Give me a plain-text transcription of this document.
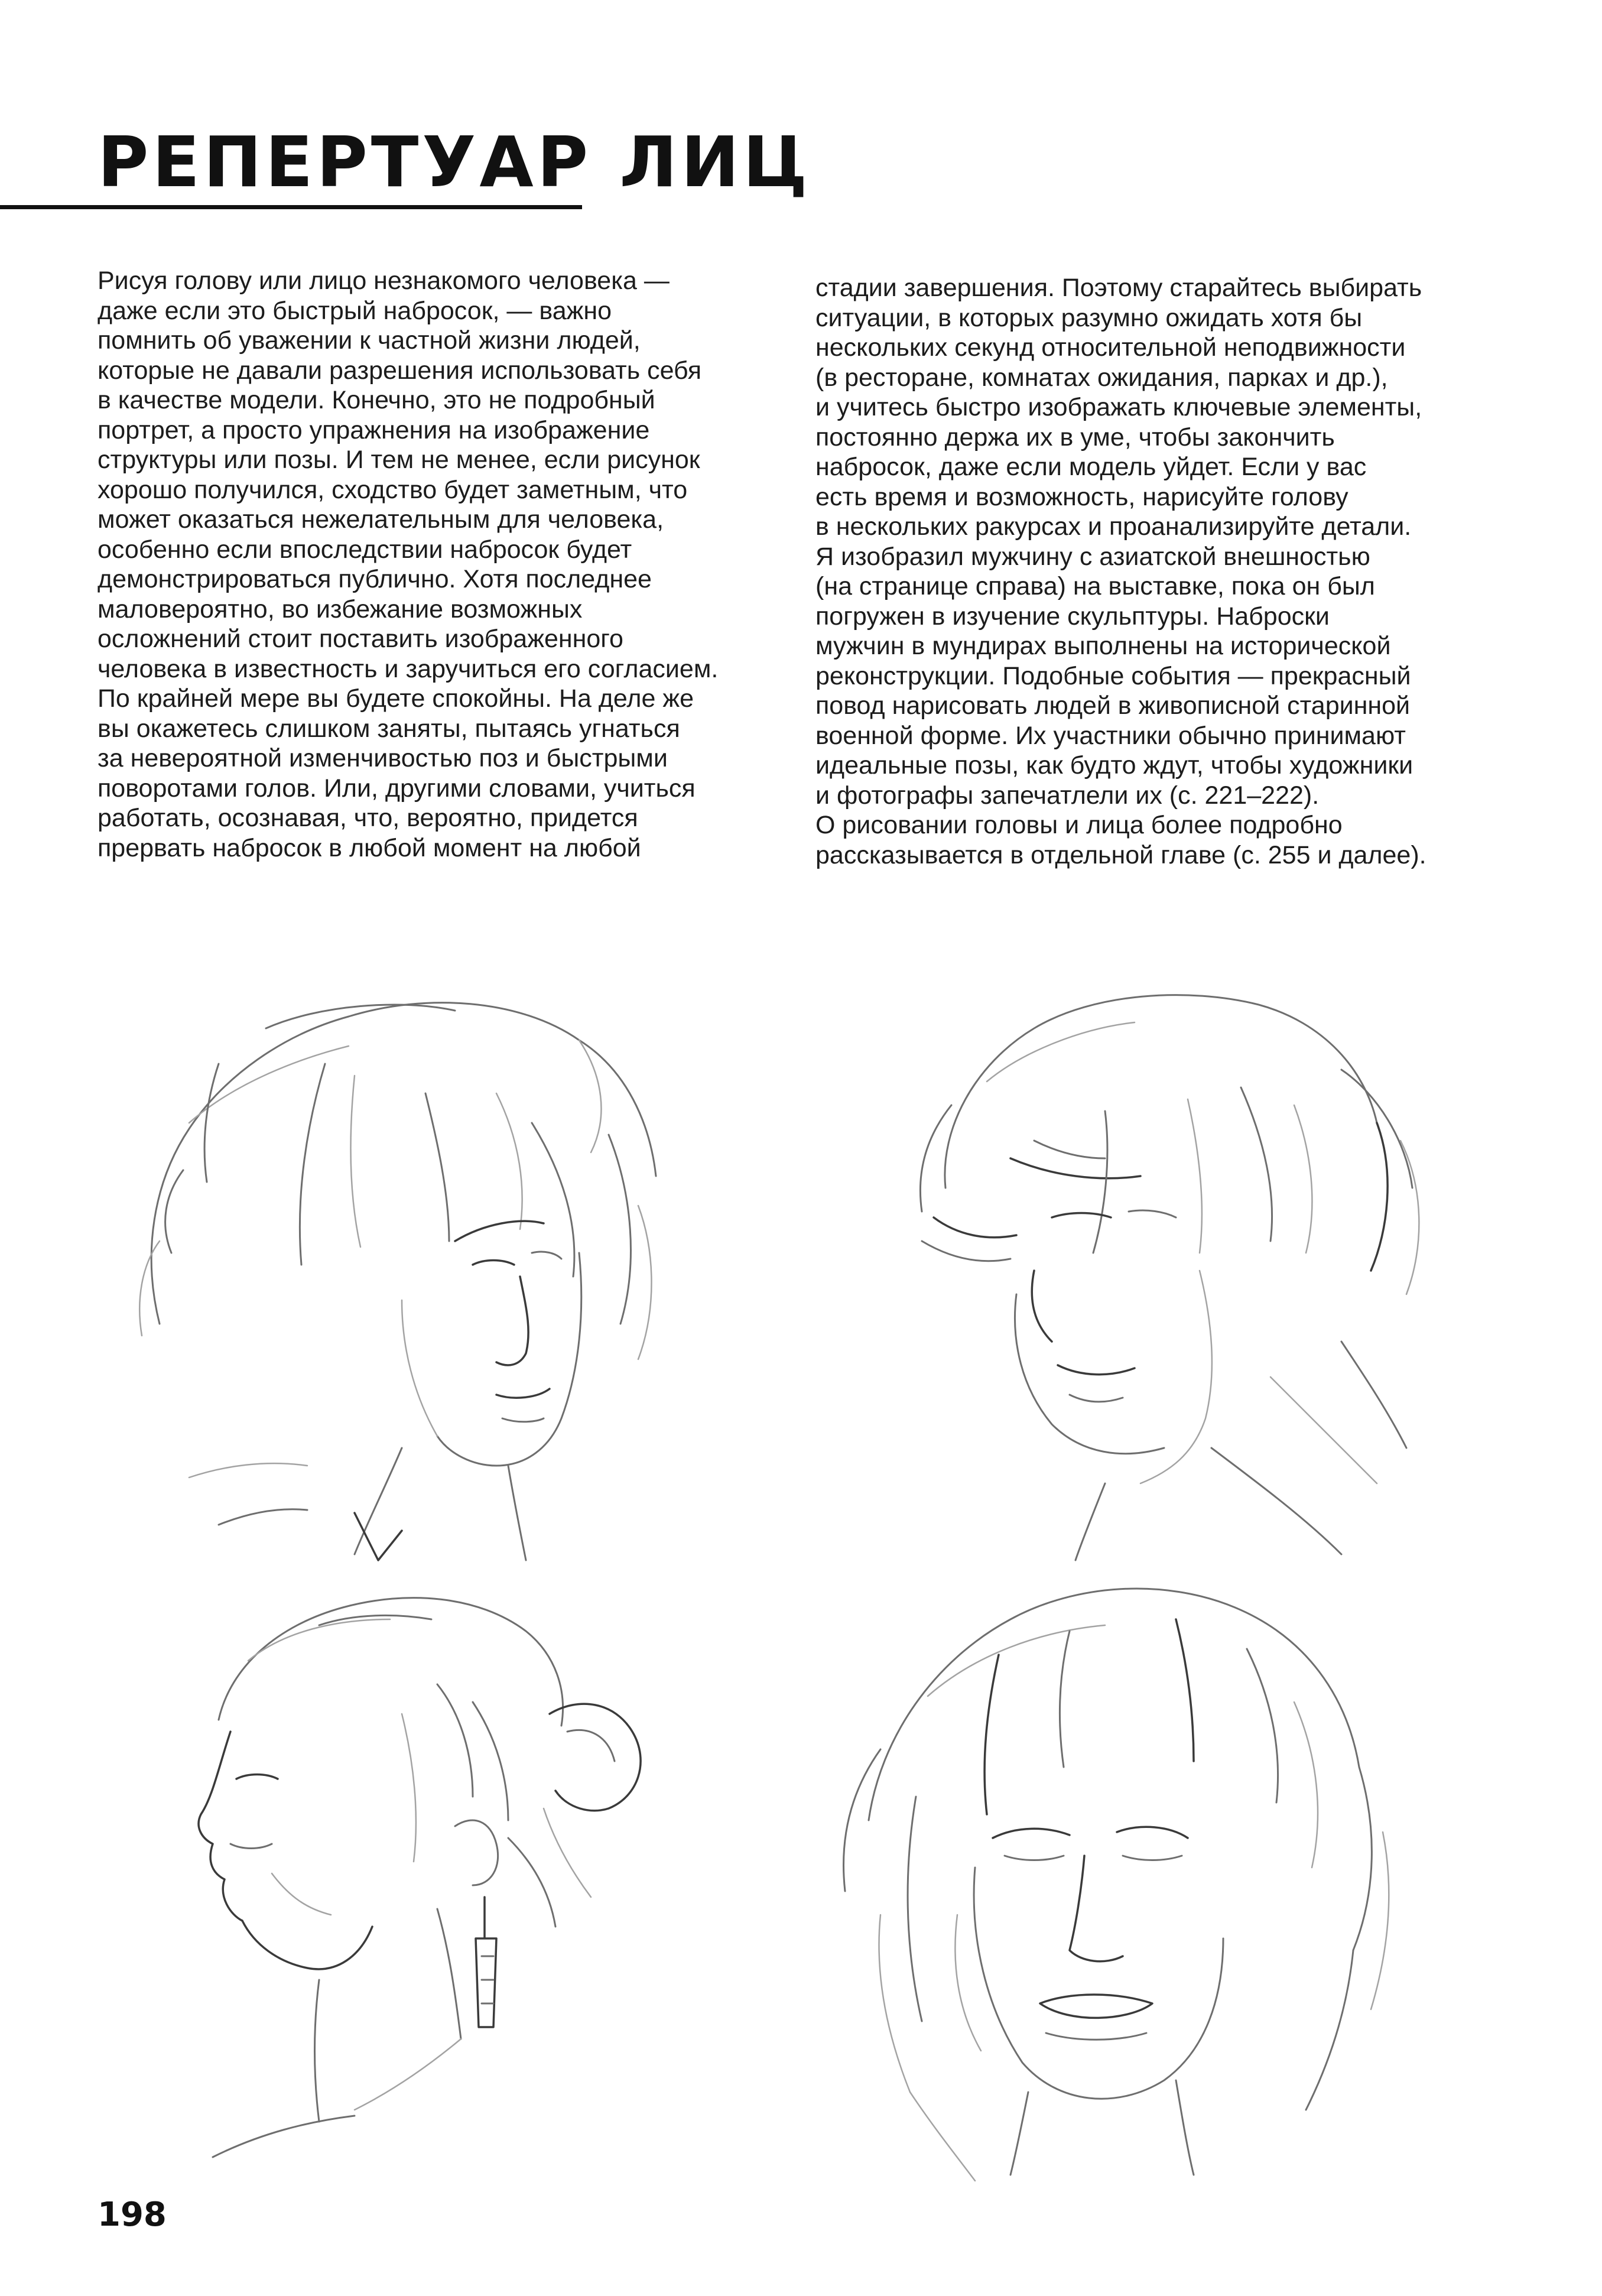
РЕПЕРТУАР ЛИЦ
Рисуя голову или лицо незнакомого человека —
даже если это быстрый набросок, — важно
помнить об уважении к частной жизни людей,
которые не давали разрешения использовать себя
в качестве модели. Конечно, это не подробный
портрет, а просто упражнения на изображение
структуры или позы. И тем не менее, если рисунок
хорошо получился, сходство будет заметным, что
может оказаться нежелательным для человека,
особенно если впоследствии набросок будет
демонстрироваться публично. Хотя последнее
маловероятно, во избежание возможных
осложнений стоит поставить изображенного
человека в известность и заручиться его согласием.
По крайней мере вы будете спокойны. На деле же
вы окажетесь слишком заняты, пытаясь угнаться
за невероятной изменчивостью поз и быстрыми
поворотами голов. Или, другими словами, учиться
работать, осознавая, что, вероятно, придется
прервать набросок в любой момент на любой
стадии завершения. Поэтому старайтесь выбирать
ситуации, в которых разумно ожидать хотя бы
нескольких секунд относительной неподвижности
(в ресторане, комнатах ожидания, парках и др.),
и учитесь быстро изображать ключевые элементы,
постоянно держа их в уме, чтобы закончить
набросок, даже если модель уйдет. Если у вас
есть время и возможность, нарисуйте голову
в нескольких ракурсах и проанализируйте детали.
Я изобразил мужчину с азиатской внешностью
(на странице справа) на выставке, пока он был
погружен в изучение скульптуры. Наброски
мужчин в мундирах выполнены на исторической
реконструкции. Подобные события — прекрасный
повод нарисовать людей в живописной старинной
военной форме. Их участники обычно принимают
идеальные позы, как будто ждут, чтобы художники
и фотографы запечатлели их (с. 221–222).
О рисовании головы и лица более подробно
рассказывается в отдельной главе (с. 255 и далее).
198
